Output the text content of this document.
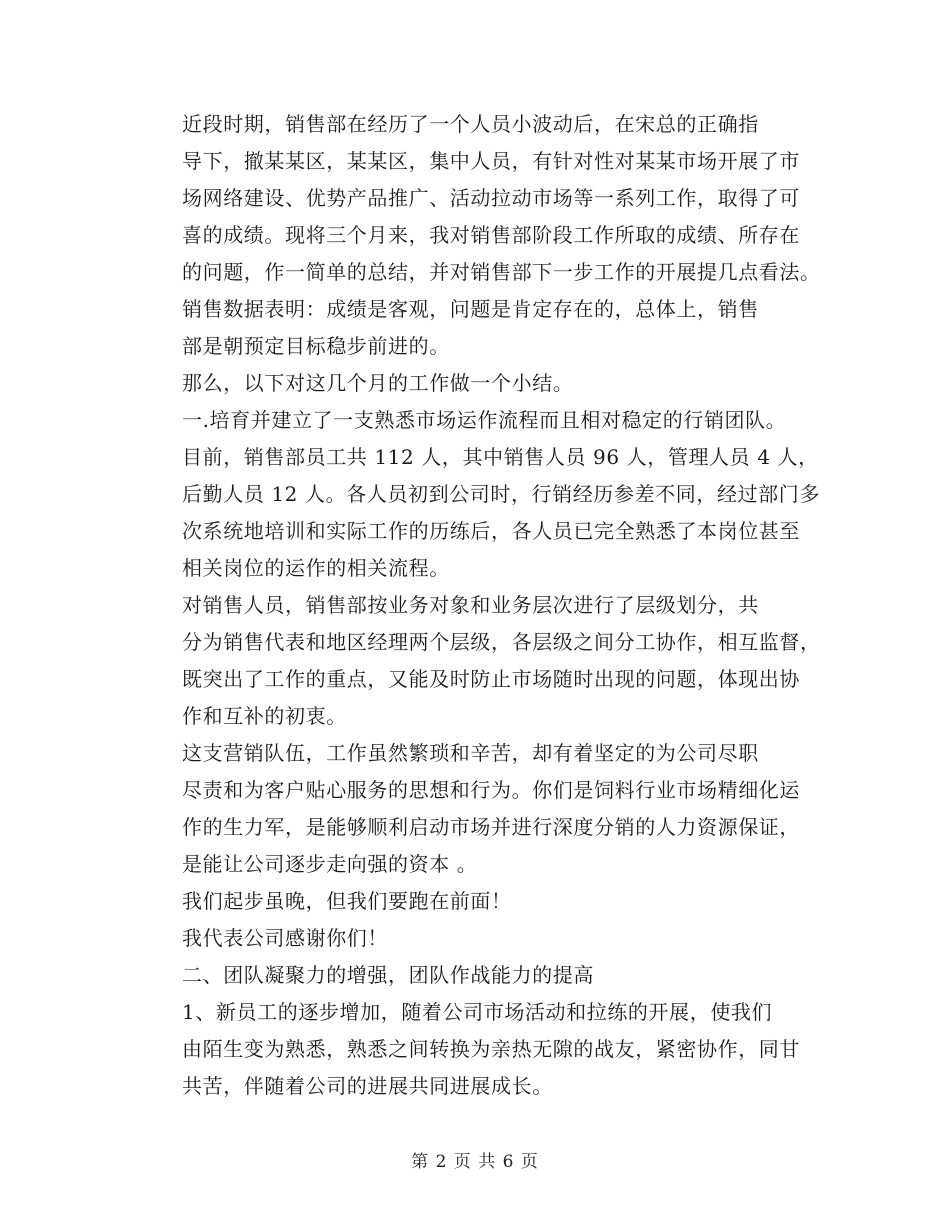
近段时期，销售部在经历了一个人员小波动后，在宋总的正确指
导下，撤某某区，某某区，集中人员，有针对性对某某市场开展了市
场网络建设、优势产品推广、活动拉动市场等一系列工作，取得了可
喜的成绩。现将三个月来，我对销售部阶段工作所取的成绩、所存在
的问题，作一简单的总结，并对销售部下一步工作的开展提几点看法。

销售数据表明：成绩是客观，问题是肯定存在的，总体上，销售
部是朝预定目标稳步前进的。

那么，以下对这几个月的工作做一个小结。

一.培育并建立了一支熟悉市场运作流程而且相对稳定的行销团队。

目前，销售部员工共 112 人，其中销售人员 96 人，管理人员 4 人，
后勤人员 12 人。各人员初到公司时，行销经历参差不同，经过部门多
次系统地培训和实际工作的历练后，各人员已完全熟悉了本岗位甚至
相关岗位的运作的相关流程。

对销售人员，销售部按业务对象和业务层次进行了层级划分，共
分为销售代表和地区经理两个层级，各层级之间分工协作，相互监督，
既突出了工作的重点，又能及时防止市场随时出现的问题，体现出协
作和互补的初衷。

这支营销队伍，工作虽然繁琐和辛苦，却有着坚定的为公司尽职
尽责和为客户贴心服务的思想和行为。你们是饲料行业市场精细化运
作的生力军，是能够顺利启动市场并进行深度分销的人力资源保证，
是能让公司逐步走向强的资本 。

我们起步虽晚，但我们要跑在前面！

我代表公司感谢你们！

二、团队凝聚力的增强，团队作战能力的提高

1、新员工的逐步增加，随着公司市场活动和拉练的开展，使我们
由陌生变为熟悉，熟悉之间转换为亲热无隙的战友，紧密协作，同甘
共苦，伴随着公司的进展共同进展成长。

第 2 页 共 6 页
